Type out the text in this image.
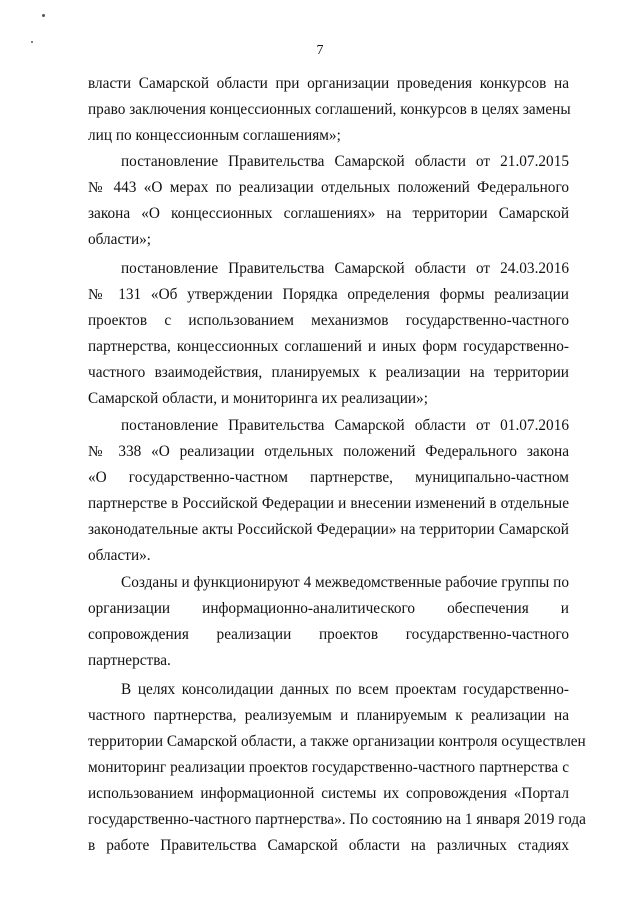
7
власти Самарской области при организации проведения конкурсов на
право заключения концессионных соглашений, конкурсов в целях замены
лиц по концессионным соглашениям»;
постановление Правительства Самарской области от 21.07.2015
№ 443 «О мерах по реализации отдельных положений Федерального
закона «О концессионных соглашениях» на территории Самарской
области»;
постановление Правительства Самарской области от 24.03.2016
№ 131 «Об утверждении Порядка определения формы реализации
проектов с использованием механизмов государственно-частного
партнерства, концессионных соглашений и иных форм государственно-
частного взаимодействия, планируемых к реализации на территории
Самарской области, и мониторинга их реализации»;
постановление Правительства Самарской области от 01.07.2016
№ 338 «О реализации отдельных положений Федерального закона
«О государственно-частном партнерстве, муниципально-частном
партнерстве в Российской Федерации и внесении изменений в отдельные
законодательные акты Российской Федерации» на территории Самарской
области».
Созданы и функционируют 4 межведомственные рабочие группы по
организации информационно-аналитического обеспечения и
сопровождения реализации проектов государственно-частного
партнерства.
В целях консолидации данных по всем проектам государственно-
частного партнерства, реализуемым и планируемым к реализации на
территории Самарской области, а также организации контроля осуществлен
мониторинг реализации проектов государственно-частного партнерства с
использованием информационной системы их сопровождения «Портал
государственно-частного партнерства». По состоянию на 1 января 2019 года
в работе Правительства Самарской области на различных стадиях
